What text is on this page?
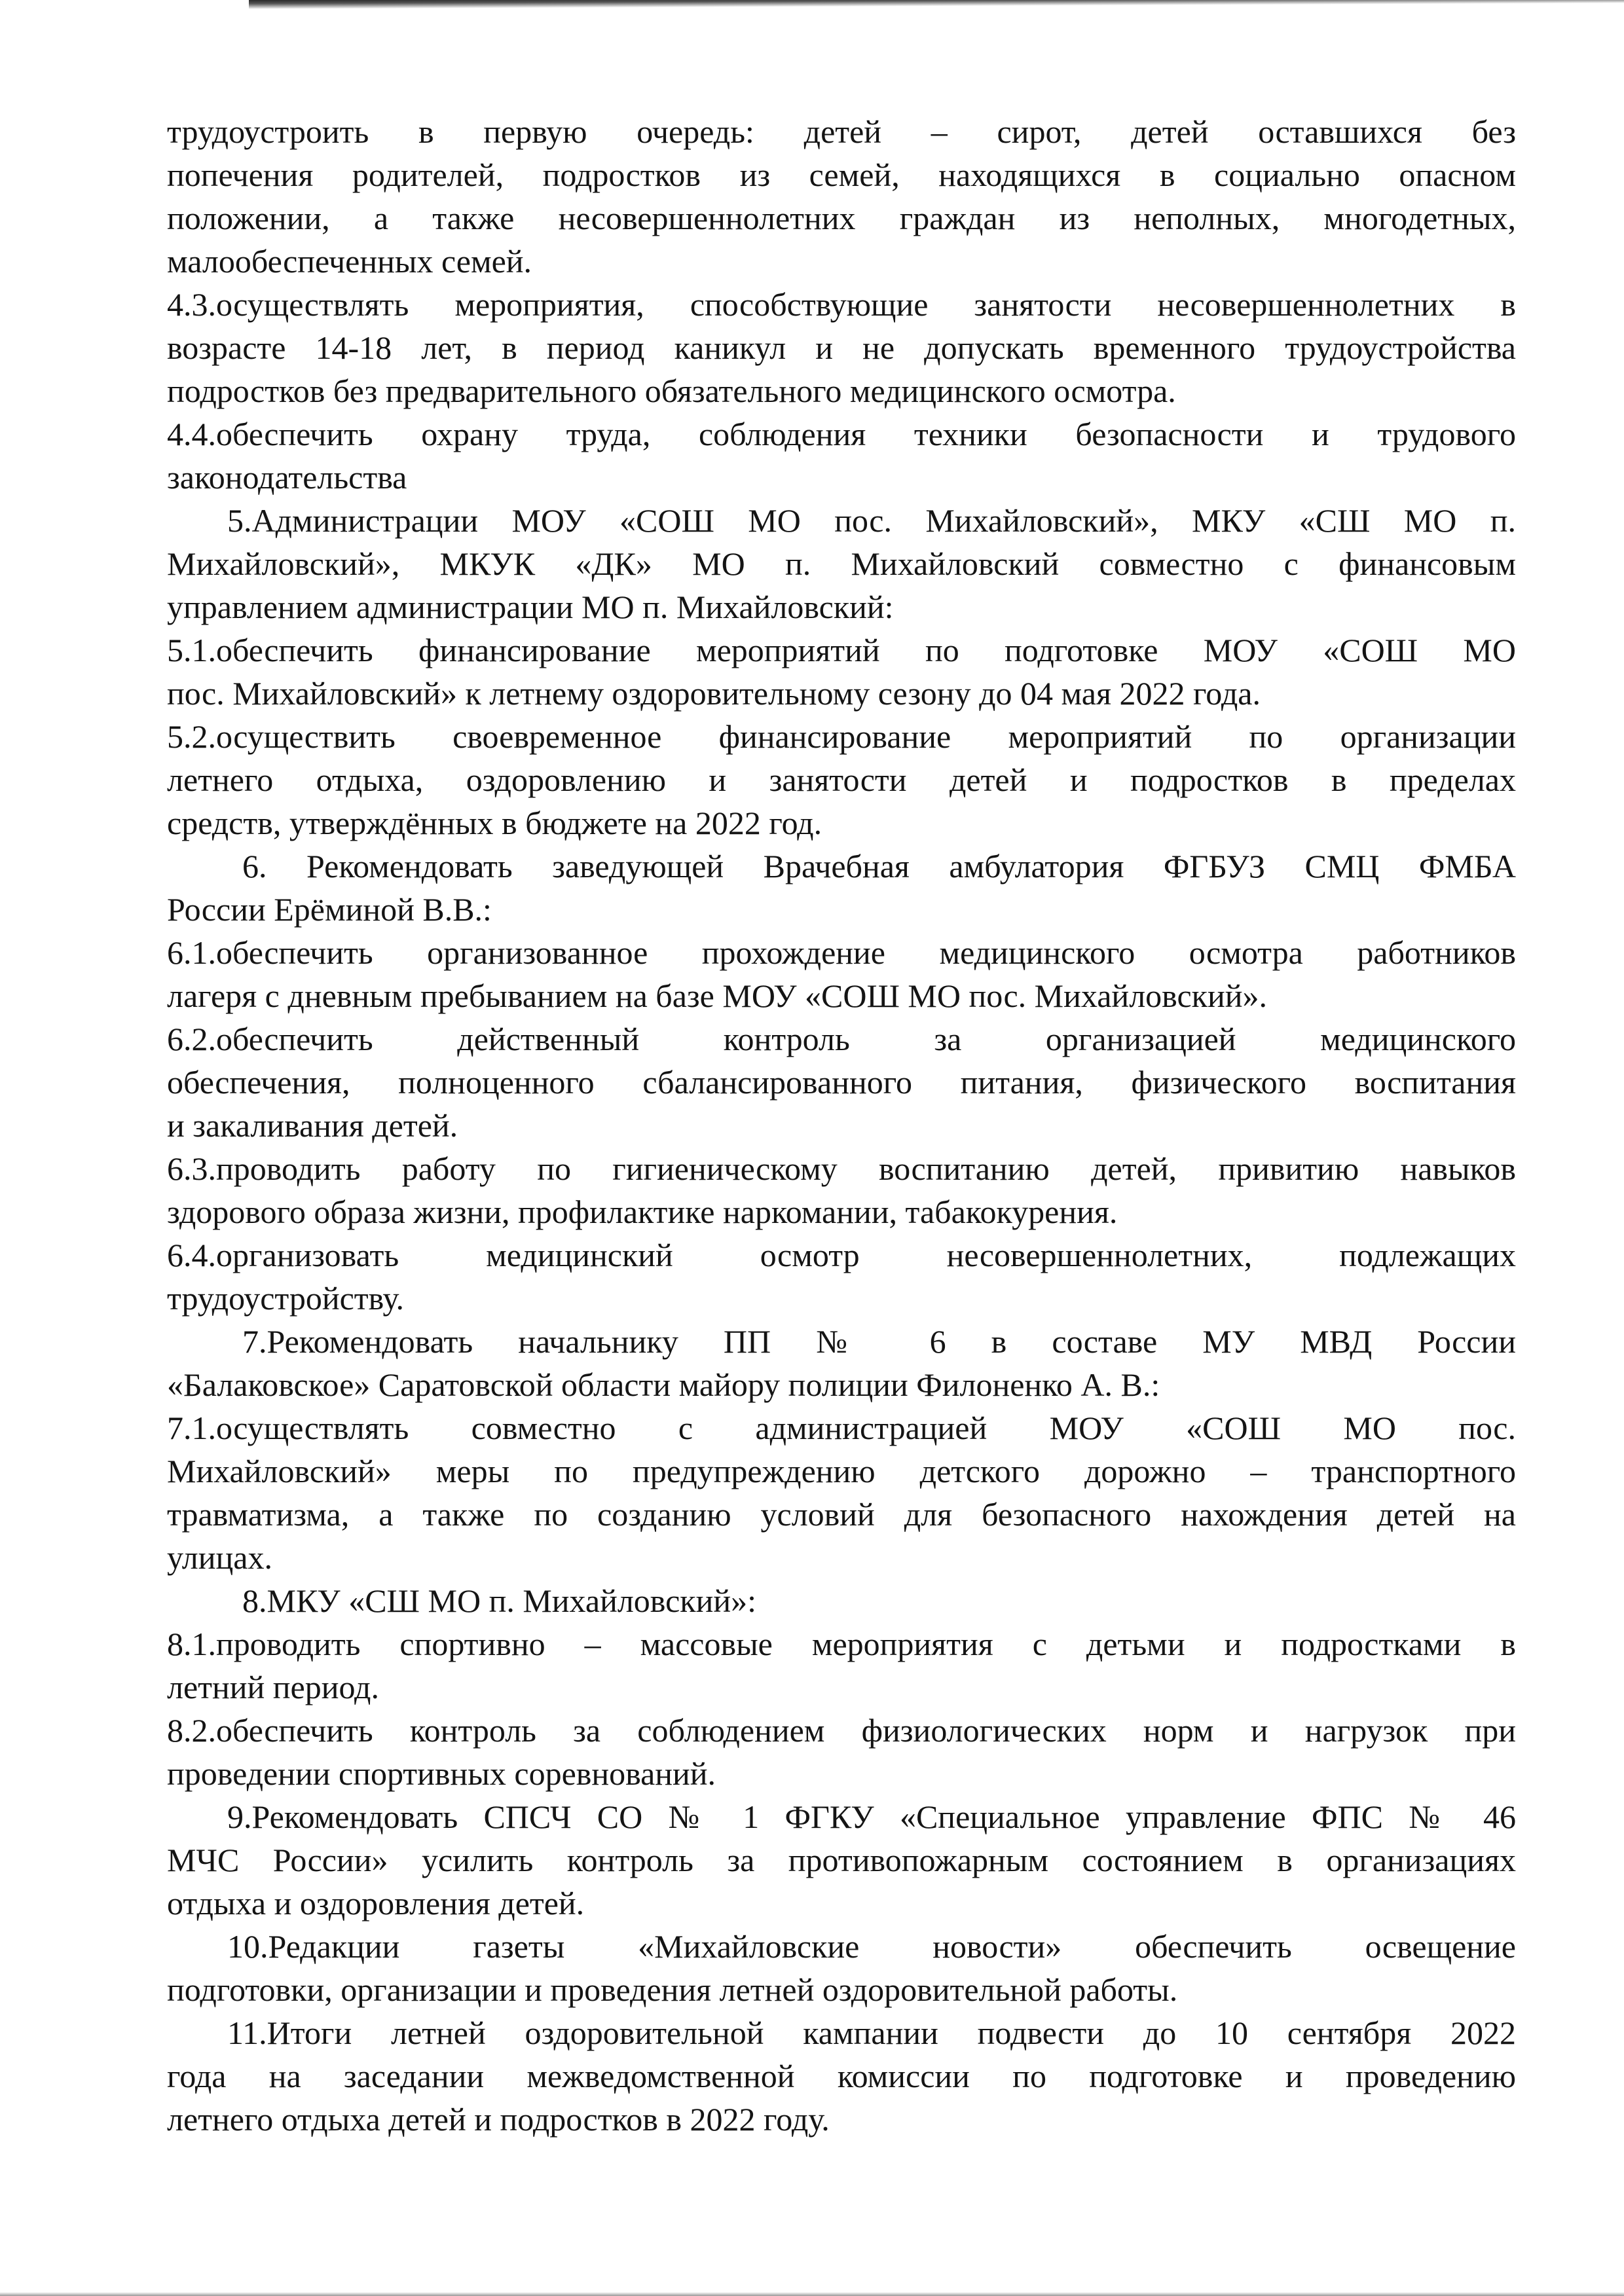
трудоустроить в первую очередь: детей – сирот, детей оставшихся без
попечения родителей, подростков из семей, находящихся в социально опасном
положении, а также несовершеннолетних граждан из неполных, многодетных,
малообеспеченных семей.
4.3.осуществлять мероприятия, способствующие занятости несовершеннолетних в
возрасте 14-18 лет, в период каникул и не допускать временного трудоустройства
подростков без предварительного обязательного медицинского осмотра.
4.4.обеспечить охрану труда, соблюдения техники безопасности и трудового
законодательства
5.Администрации МОУ «СОШ МО пос. Михайловский», МКУ «СШ МО п.
Михайловский», МКУК «ДК» МО п. Михайловский совместно с финансовым
управлением администрации МО п. Михайловский:
5.1.обеспечить финансирование мероприятий по подготовке МОУ «СОШ МО
пос. Михайловский» к летнему оздоровительному сезону до 04 мая 2022 года.
5.2.осуществить своевременное финансирование мероприятий по организации
летнего отдыха, оздоровлению и занятости детей и подростков в пределах
средств, утверждённых в бюджете на 2022 год.
6. Рекомендовать заведующей Врачебная амбулатория ФГБУЗ СМЦ ФМБА
России Ерёминой В.В.:
6.1.обеспечить организованное прохождение медицинского осмотра работников
лагеря с дневным пребыванием на базе МОУ «СОШ МО пос. Михайловский».
6.2.обеспечить действенный контроль за организацией медицинского
обеспечения, полноценного сбалансированного питания, физического воспитания
и закаливания детей.
6.3.проводить работу по гигиеническому воспитанию детей, привитию навыков
здорового образа жизни, профилактике наркомании, табакокурения.
6.4.организовать медицинский осмотр несовершеннолетних, подлежащих
трудоустройству.
7.Рекомендовать начальнику ПП № 6 в составе МУ МВД России
«Балаковское» Саратовской области майору полиции Филоненко А. В.:
7.1.осуществлять совместно с администрацией МОУ «СОШ МО пос.
Михайловский» меры по предупреждению детского дорожно – транспортного
травматизма, а также по созданию условий для безопасного нахождения детей на
улицах.
8.МКУ «СШ МО п. Михайловский»:
8.1.проводить спортивно – массовые мероприятия с детьми и подростками в
летний период.
8.2.обеспечить контроль за соблюдением физиологических норм и нагрузок при
проведении спортивных соревнований.
9.Рекомендовать СПСЧ СО № 1 ФГКУ «Специальное управление ФПС № 46
МЧС России» усилить контроль за противопожарным состоянием в организациях
отдыха и оздоровления детей.
10.Редакции газеты «Михайловские новости» обеспечить освещение
подготовки, организации и проведения летней оздоровительной работы.
11.Итоги летней оздоровительной кампании подвести до 10 сентября 2022
года на заседании межведомственной комиссии по подготовке и проведению
летнего отдыха детей и подростков в 2022 году.
